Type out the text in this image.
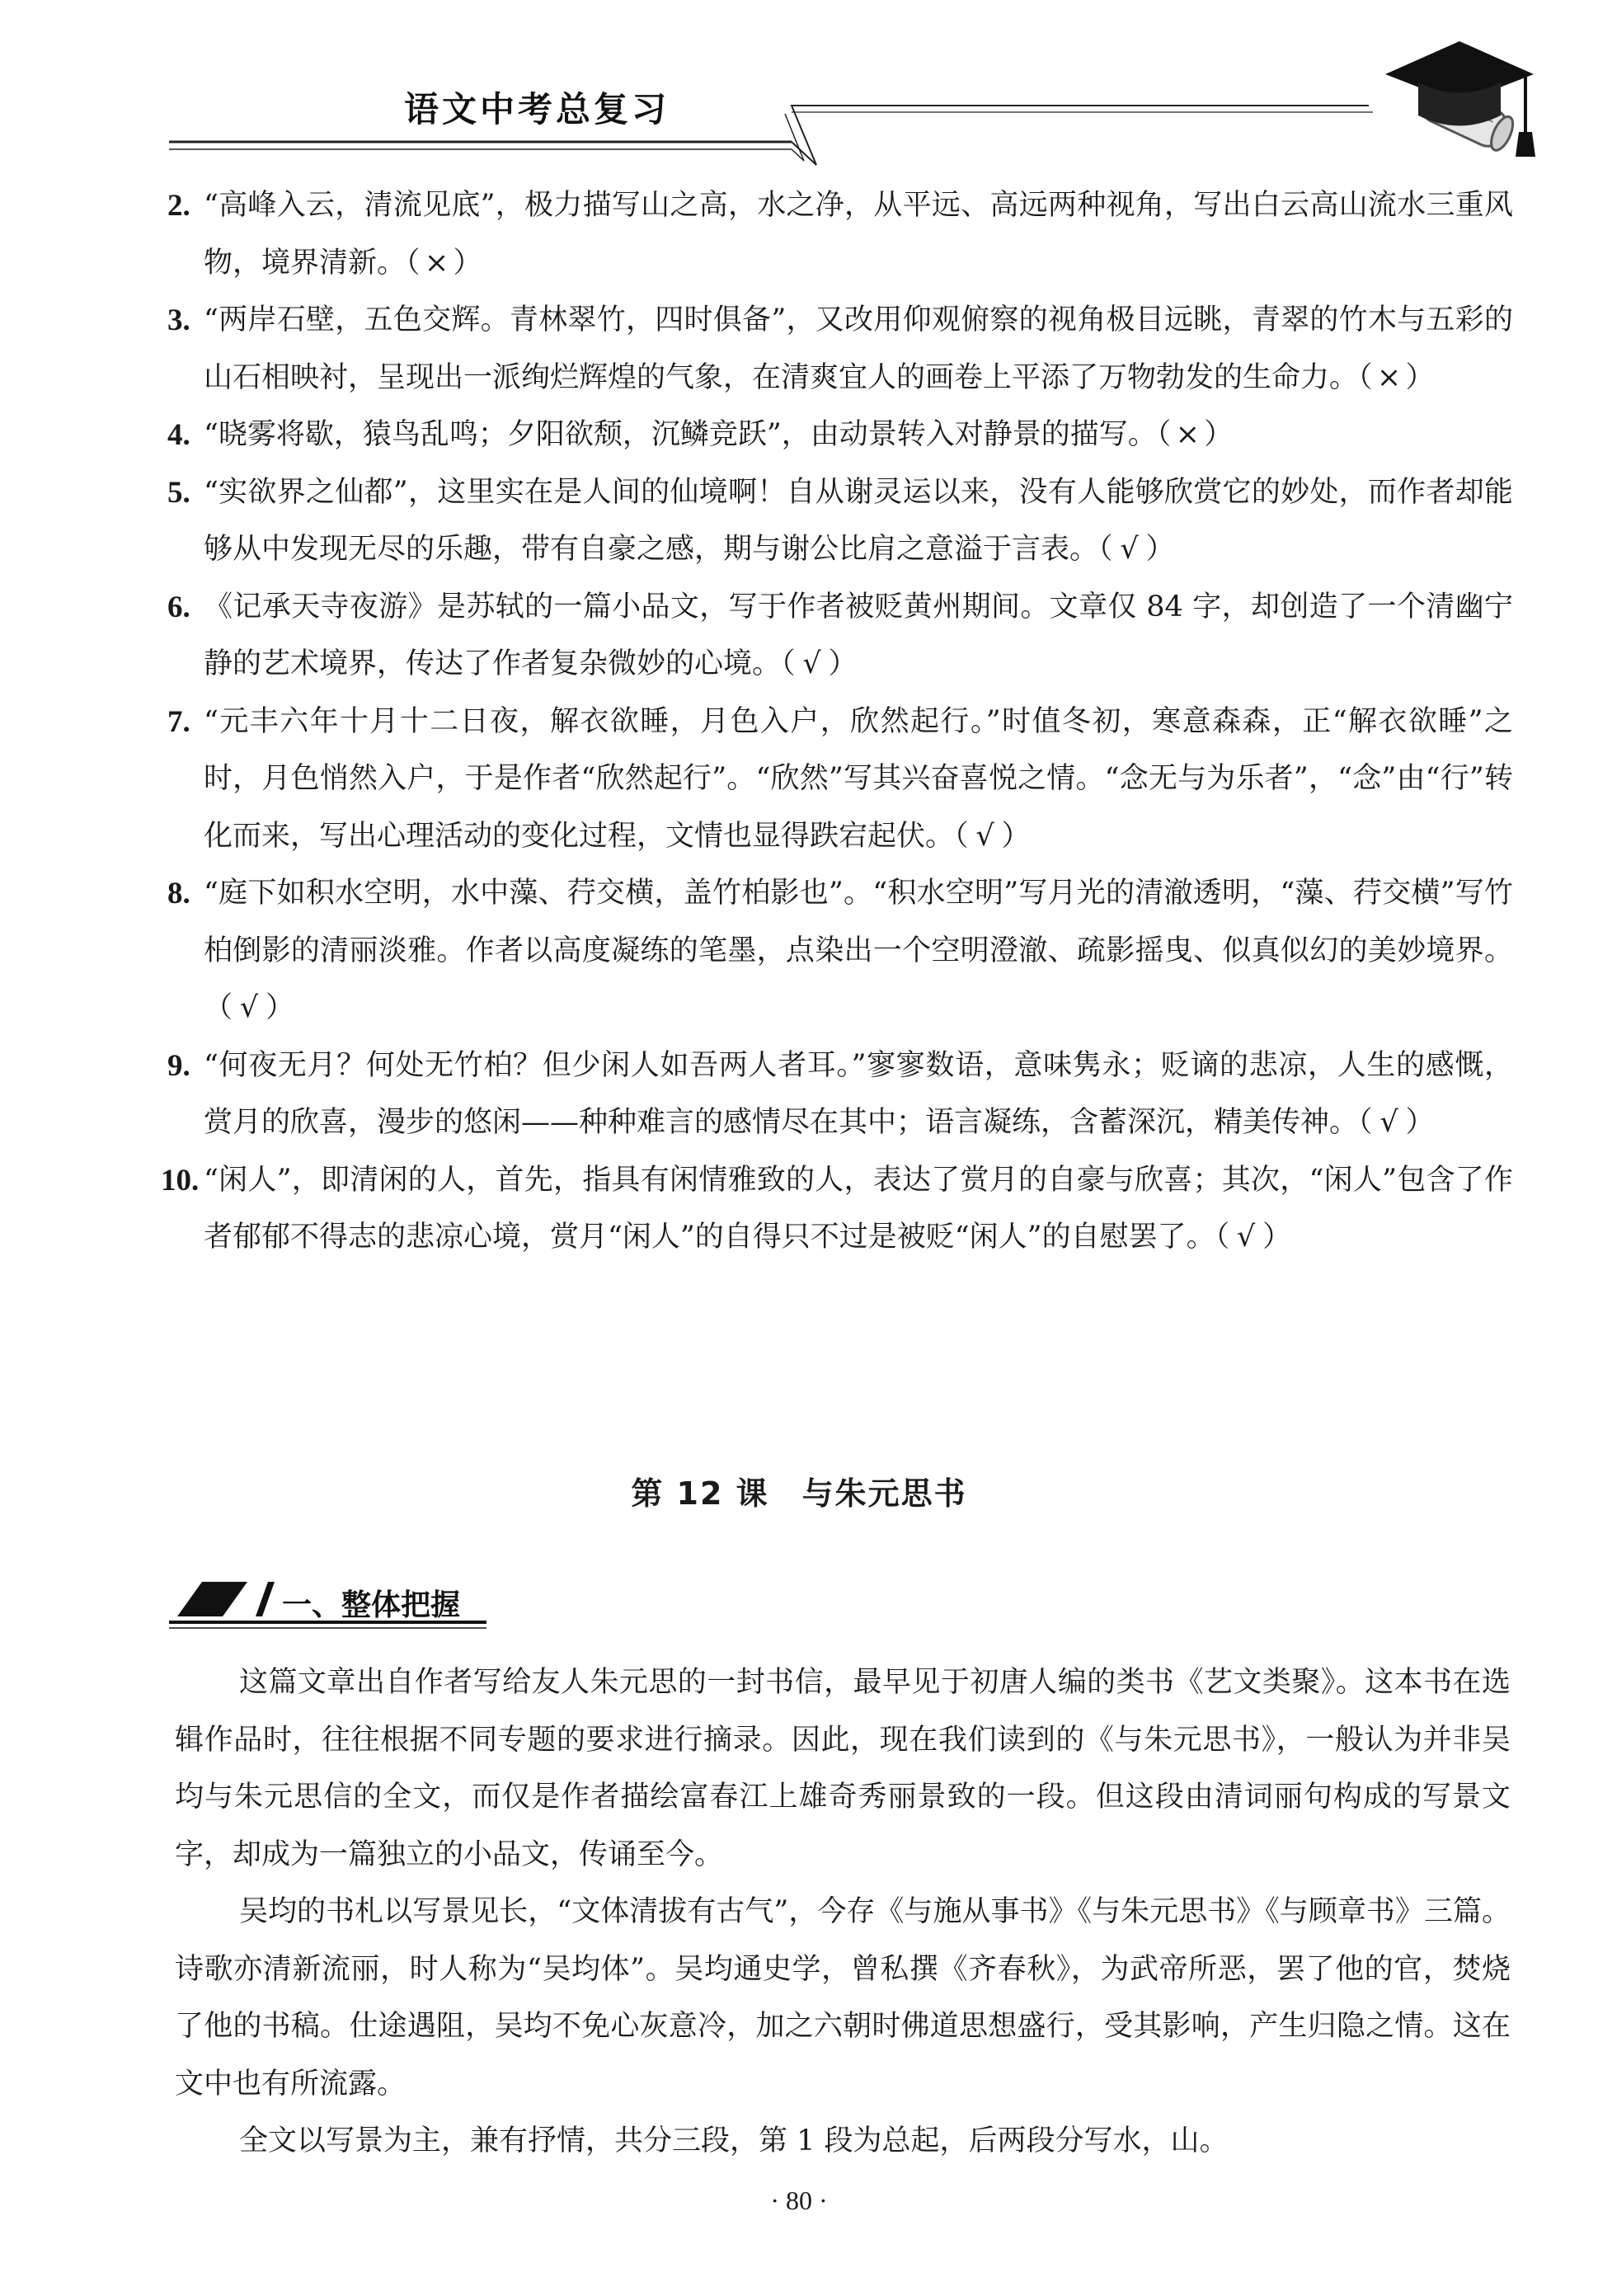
语文中考总复习
2. “高峰入云，清流见底”，极力描写山之高，水之净，从平远、高远两种视角，写出白云高山流水三重风物，境界清新。（ × ）
3. “两岸石壁，五色交辉。青林翠竹，四时俱备”，又改用仰观俯察的视角极目远眺，青翠的竹木与五彩的山石相映衬，呈现出一派绚烂辉煌的气象，在清爽宜人的画卷上平添了万物勃发的生命力。（ × ）
4. “晓雾将歇，猿鸟乱鸣；夕阳欲颓，沉鳞竞跃”，由动景转入对静景的描写。（ × ）
5. “实欲界之仙都”，这里实在是人间的仙境啊！自从谢灵运以来，没有人能够欣赏它的妙处，而作者却能够从中发现无尽的乐趣，带有自豪之感，期与谢公比肩之意溢于言表。（ √ ）
6. 《记承天寺夜游》是苏轼的一篇小品文，写于作者被贬黄州期间。文章仅 84 字，却创造了一个清幽宁静的艺术境界，传达了作者复杂微妙的心境。（ √ ）
7. “元丰六年十月十二日夜，解衣欲睡，月色入户，欣然起行。”时值冬初，寒意森森，正“解衣欲睡”之时，月色悄然入户，于是作者“欣然起行”。“欣然”写其兴奋喜悦之情。“念无与为乐者”，“念”由“行”转化而来，写出心理活动的变化过程，文情也显得跌宕起伏。（ √ ）
8. “庭下如积水空明，水中藻、荇交横，盖竹柏影也”。“积水空明”写月光的清澈透明，“藻、荇交横”写竹柏倒影的清丽淡雅。作者以高度凝练的笔墨，点染出一个空明澄澈、疏影摇曳、似真似幻的美妙境界。（ √ ）
9. “何夜无月？何处无竹柏？但少闲人如吾两人者耳。”寥寥数语，意味隽永；贬谪的悲凉，人生的感慨，赏月的欣喜，漫步的悠闲——种种难言的感情尽在其中；语言凝练，含蓄深沉，精美传神。（ √ ）
10. “闲人”，即清闲的人，首先，指具有闲情雅致的人，表达了赏月的自豪与欣喜；其次，“闲人”包含了作者郁郁不得志的悲凉心境，赏月“闲人”的自得只不过是被贬“闲人”的自慰罢了。（ √ ）
第 12 课　与朱元思书
一、整体把握

这篇文章出自作者写给友人朱元思的一封书信，最早见于初唐人编的类书《艺文类聚》。这本书在选辑作品时，往往根据不同专题的要求进行摘录。因此，现在我们读到的《与朱元思书》，一般认为并非吴均与朱元思信的全文，而仅是作者描绘富春江上雄奇秀丽景致的一段。但这段由清词丽句构成的写景文字，却成为一篇独立的小品文，传诵至今。

吴均的书札以写景见长，“文体清拔有古气”，今存《与施从事书》《与朱元思书》《与顾章书》三篇。诗歌亦清新流丽，时人称为“吴均体”。吴均通史学，曾私撰《齐春秋》，为武帝所恶，罢了他的官，焚烧了他的书稿。仕途遇阻，吴均不免心灰意冷，加之六朝时佛道思想盛行，受其影响，产生归隐之情。这在文中也有所流露。

全文以写景为主，兼有抒情，共分三段，第 1 段为总起，后两段分写水，山。

· 80 ·
